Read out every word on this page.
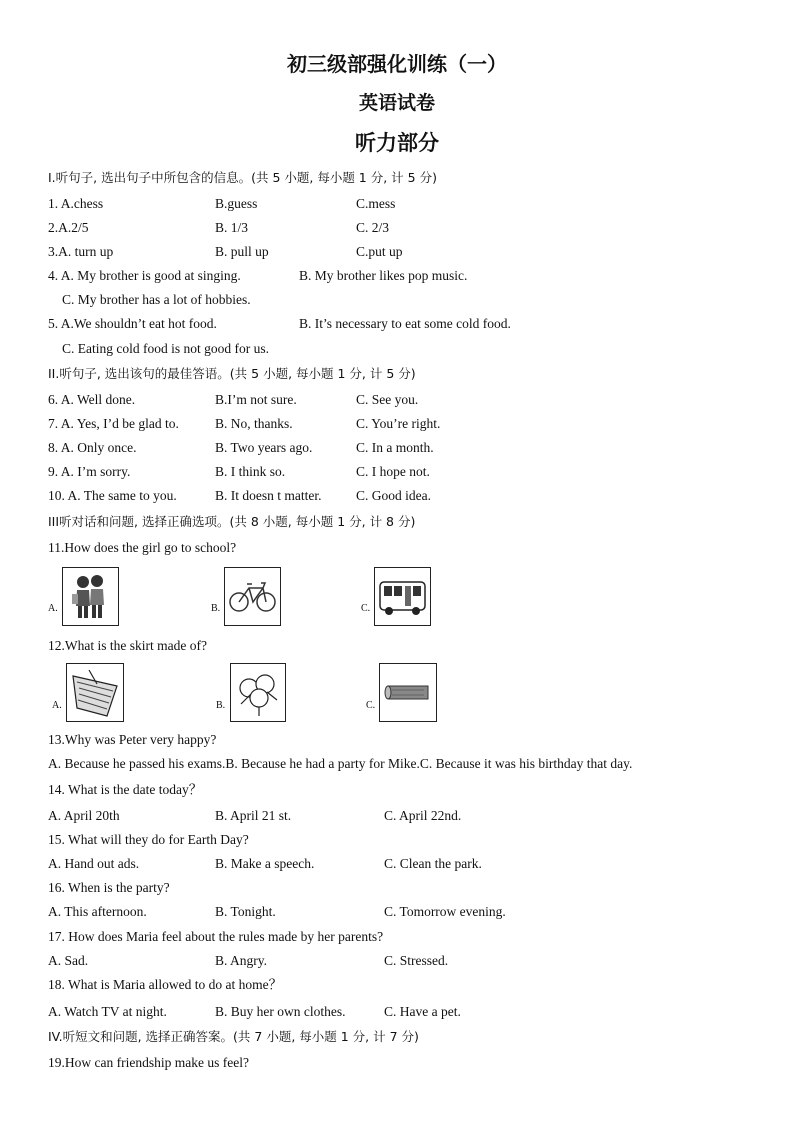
初三级部强化训练（一）
英语试卷
听力部分
I.听句子, 选出句子中所包含的信息。(共 5 小题, 每小题 1 分, 计 5 分)
1. A.chess	B.guess	C.mess
2.A.2/5	B. 1/3	C. 2/3
3.A. turn up	B. pull up	C.put up
4. A. My brother is good at singing.	B. My brother likes pop music.
C. My brother has a lot of hobbies.
5. A.We shouldn’t eat hot food.	B. It’s necessary to eat some cold food.
C. Eating cold food is not good for us.
II.听句子, 选出该句的最佳答语。(共 5 小题, 每小题 1 分, 计 5 分)
6. A. Well done.	B.I’m not sure.	C. See you.
7. A. Yes, I’d be glad to.	B. No, thanks.	C. You’re right.
8. A. Only once.	B. Two years ago.	C. In a month.
9. A. I’m sorry.	B. I think so.	C. I hope not.
10. A. The same to you.	B. It doesn t matter.	C. Good idea.
III听对话和问题, 选择正确选项。(共 8 小题, 每小题 1 分, 计 8 分)
11.How does the girl go to school?
A.	B.	C.
12.What is the skirt made of?
A.	B.	C.
13.Why was Peter very happy?
A. Because he passed his exams.B. Because he had a party for Mike.C. Because it was his birthday that day.
14. What is the date today？
A. April 20th	B. April 21 st.	C. April 22nd.
15. What will they do for Earth Day?
A. Hand out ads.	B. Make a speech.	C. Clean the park.
16. When is the party?
A. This afternoon.	B. Tonight.	C. Tomorrow evening.
17. How does Maria feel about the rules made by her parents?
A. Sad.	B. Angry.	C. Stressed.
18. What is Maria allowed to do at home？
A. Watch TV at night.	B. Buy her own clothes.	C. Have a pet.
IV.听短文和问题, 选择正确答案。(共 7 小题, 每小题 1 分, 计 7 分)
19.How can friendship make us feel?
